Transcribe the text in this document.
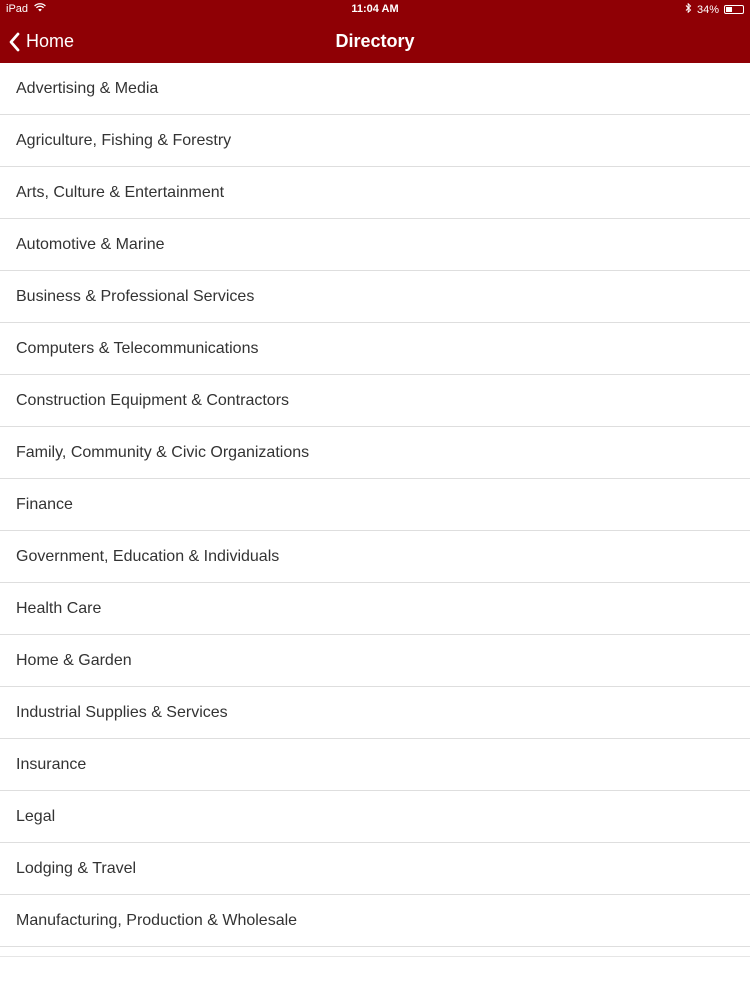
iPad	11:04 AM	34%
Home	Directory
Advertising & Media
Agriculture, Fishing & Forestry
Arts, Culture & Entertainment
Automotive & Marine
Business & Professional Services
Computers & Telecommunications
Construction Equipment & Contractors
Family, Community & Civic Organizations
Finance
Government, Education & Individuals
Health Care
Home & Garden
Industrial Supplies & Services
Insurance
Legal
Lodging & Travel
Manufacturing, Production & Wholesale
